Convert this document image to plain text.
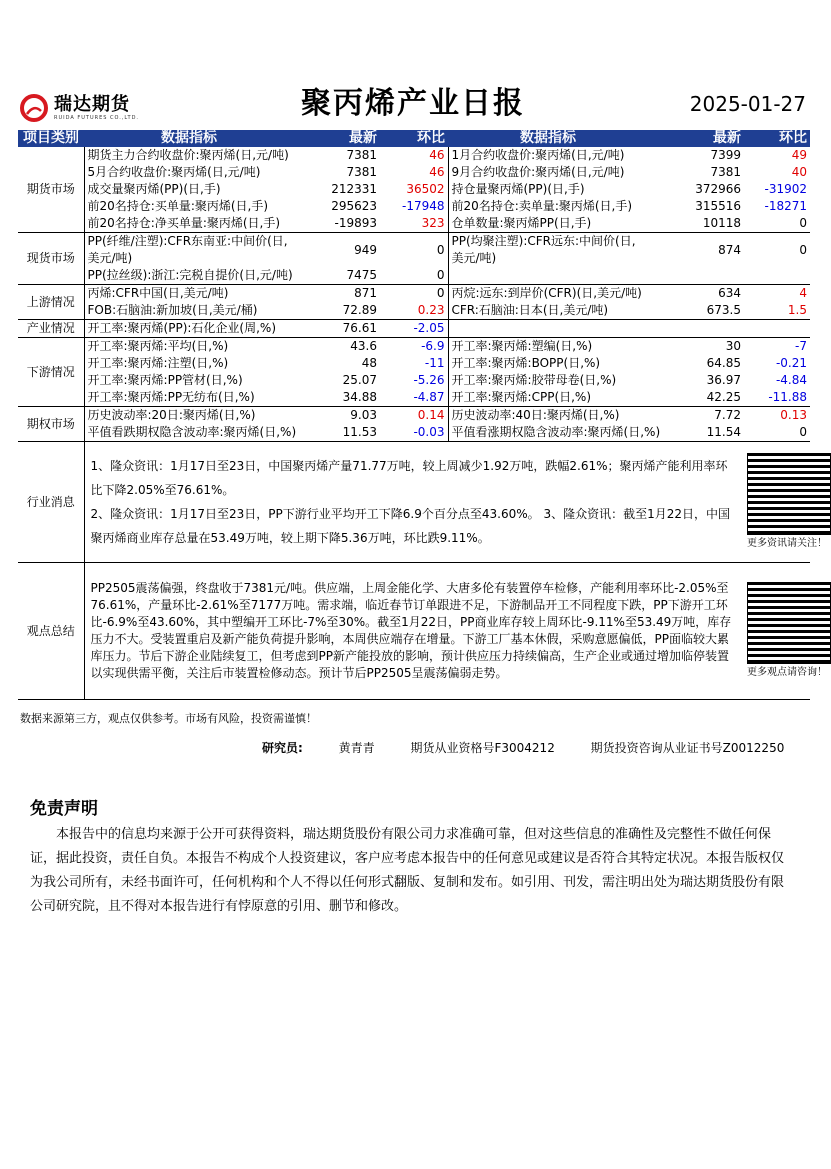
瑞达期货
RUIDA FUTURES CO.,LTD.	聚丙烯产业日报	2025-01-27
项目类别	数据指标	最新	环比	数据指标	最新	环比
期货市场	期货主力合约收盘价:聚丙烯(日,元/吨)	7381	46	1月合约收盘价:聚丙烯(日,元/吨)	7399	49
	5月合约收盘价:聚丙烯(日,元/吨)	7381	46	9月合约收盘价:聚丙烯(日,元/吨)	7381	40
	成交量聚丙烯(PP)(日,手)	212331	36502	持仓量聚丙烯(PP)(日,手)	372966	-31902
	前20名持仓:买单量:聚丙烯(日,手)	295623	-17948	前20名持仓:卖单量:聚丙烯(日,手)	315516	-18271
	前20名持仓:净买单量:聚丙烯(日,手)	-19893	323	仓单数量:聚丙烯PP(日,手)	10118	0
现货市场	PP(纤维/注塑):CFR东南亚:中间价(日,美元/吨)	949	0	PP(均聚注塑):CFR远东:中间价(日,美元/吨)	874	0
	PP(拉丝级):浙江:完税自提价(日,元/吨)	7475	0			
上游情况	丙烯:CFR中国(日,美元/吨)	871	0	丙烷:远东:到岸价(CFR)(日,美元/吨)	634	4
	FOB:石脑油:新加坡(日,美元/桶)	72.89	0.23	CFR:石脑油:日本(日,美元/吨)	673.5	1.5
产业情况	开工率:聚丙烯(PP):石化企业(周,%)	76.61	-2.05			
下游情况	开工率:聚丙烯:平均(日,%)	43.6	-6.9	开工率:聚丙烯:塑编(日,%)	30	-7
	开工率:聚丙烯:注塑(日,%)	48	-11	开工率:聚丙烯:BOPP(日,%)	64.85	-0.21
	开工率:聚丙烯:PP管材(日,%)	25.07	-5.26	开工率:聚丙烯:胶带母卷(日,%)	36.97	-4.84
	开工率:聚丙烯:PP无纺布(日,%)	34.88	-4.87	开工率:聚丙烯:CPP(日,%)	42.25	-11.88
期权市场	历史波动率:20日:聚丙烯(日,%)	9.03	0.14	历史波动率:40日:聚丙烯(日,%)	7.72	0.13
	平值看跌期权隐含波动率:聚丙烯(日,%)	11.53	-0.03	平值看涨期权隐含波动率:聚丙烯(日,%)	11.54	0
行业消息	1、隆众资讯：1月17日至23日，中国聚丙烯产量71.77万吨，较上周减少1.92万吨，跌幅2.61%；聚丙烯产能利用率环比下降2.05%至76.61%。
2、隆众资讯：1月17日至23日，PP下游行业平均开工下降6.9个百分点至43.60%。 3、隆众资讯：截至1月22日，中国聚丙烯商业库存总量在53.49万吨，较上期下降5.36万吨，环比跌9.11%。					更多资讯请关注！

观点总结	PP2505震荡偏强，终盘收于7381元/吨。供应端，上周金能化学、大唐多伦有装置停车检修，产能利用率环比-2.05%至76.61%，产量环比-2.61%至7177万吨。需求端，临近春节订单跟进不足，下游制品开工不同程度下跌，PP下游开工环比-6.9%至43.60%，其中塑编开工环比-7%至30%。截至1月22日，PP商业库存较上周环比-9.11%至53.49万吨，库存压力不大。受装置重启及新产能负荷提升影响，本周供应端存在增量。下游工厂基本休假，采购意愿偏低，PP面临较大累库压力。节后下游企业陆续复工，但考虑到PP新产能投放的影响，预计供应压力持续偏高，生产企业或通过增加临停装置以实现供需平衡，关注后市装置检修动态。预计节后PP2505呈震荡偏弱走势。					更多观点请咨询！
数据来源第三方，观点仅供参考。市场有风险，投资需谨慎！
研究员:	黄青青	期货从业资格号F3004212	期货投资咨询从业证书号Z0012250
免责声明
本报告中的信息均来源于公开可获得资料，瑞达期货股份有限公司力求准确可靠，但对这些信息的准确性及完整性不做任何保证，据此投资，责任自负。本报告不构成个人投资建议，客户应考虑本报告中的任何意见或建议是否符合其特定状况。本报告版权仅为我公司所有，未经书面许可，任何机构和个人不得以任何形式翻版、复制和发布。如引用、刊发，需注明出处为瑞达期货股份有限公司研究院，且不得对本报告进行有悖原意的引用、删节和修改。
